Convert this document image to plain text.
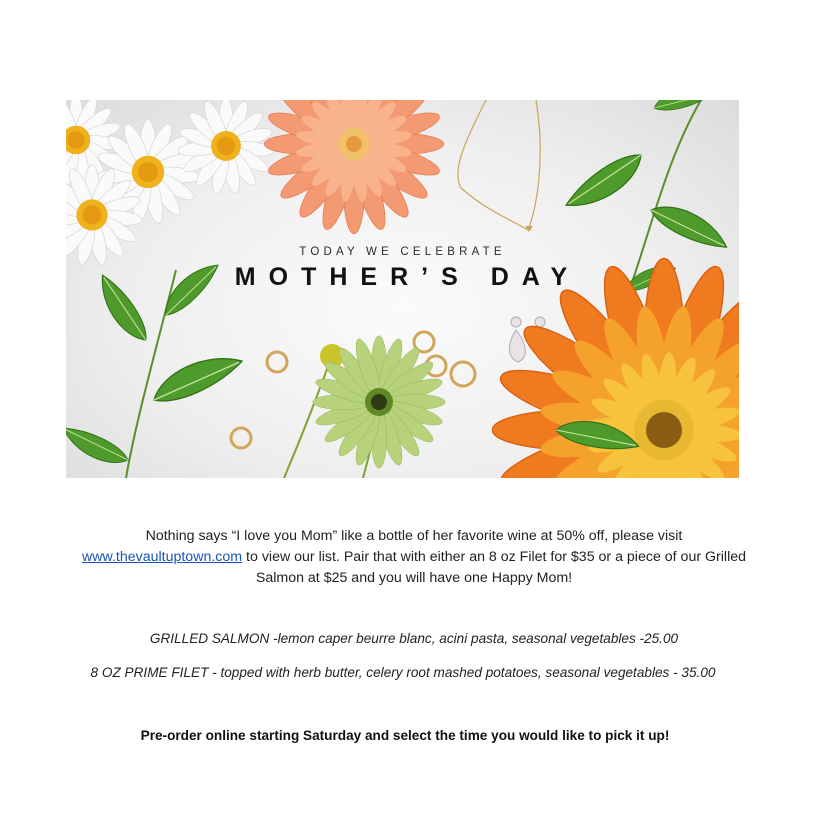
TODAY WE CELEBRATE
MOTHER’S DAY
Nothing says “I love you Mom” like a bottle of her favorite wine at 50% off, please visit www.thevaultuptown.com to view our list. Pair that with either an 8 oz Filet for $35 or a piece of our Grilled Salmon at $25 and you will have one Happy Mom!
GRILLED SALMON -lemon caper beurre blanc, acini pasta, seasonal vegetables -25.00
8 OZ PRIME FILET - topped with herb butter, celery root mashed potatoes, seasonal vegetables - 35.00
Pre-order online starting Saturday and select the time you would like to pick it up!
